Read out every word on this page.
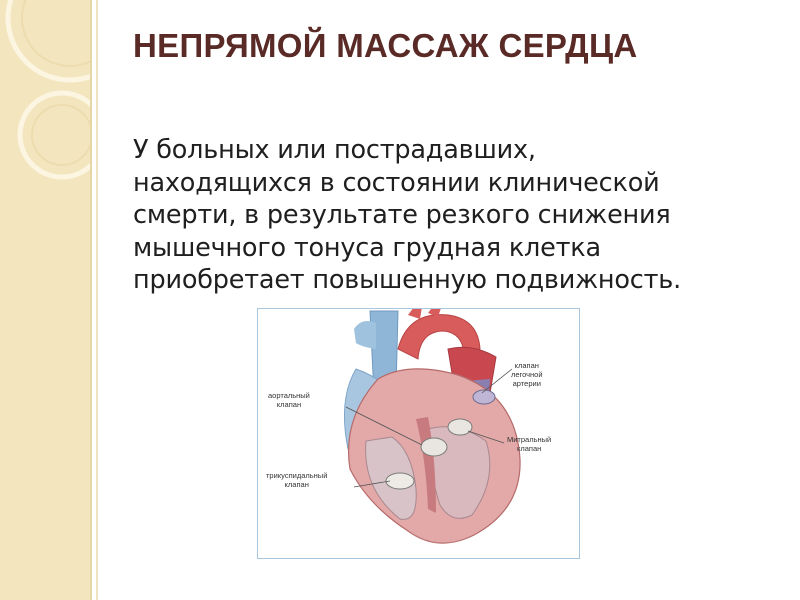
НЕПРЯМОЙ МАССАЖ СЕРДЦА
У больных или пострадавших,
находящихся в состоянии клинической
смерти, в результате резкого снижения
мышечного тонуса грудная клетка
приобретает повышенную подвижность.
клапан
легочной
артерии
аортальный
клапан
Митральный
клапан
трикуспидальный
клапан
